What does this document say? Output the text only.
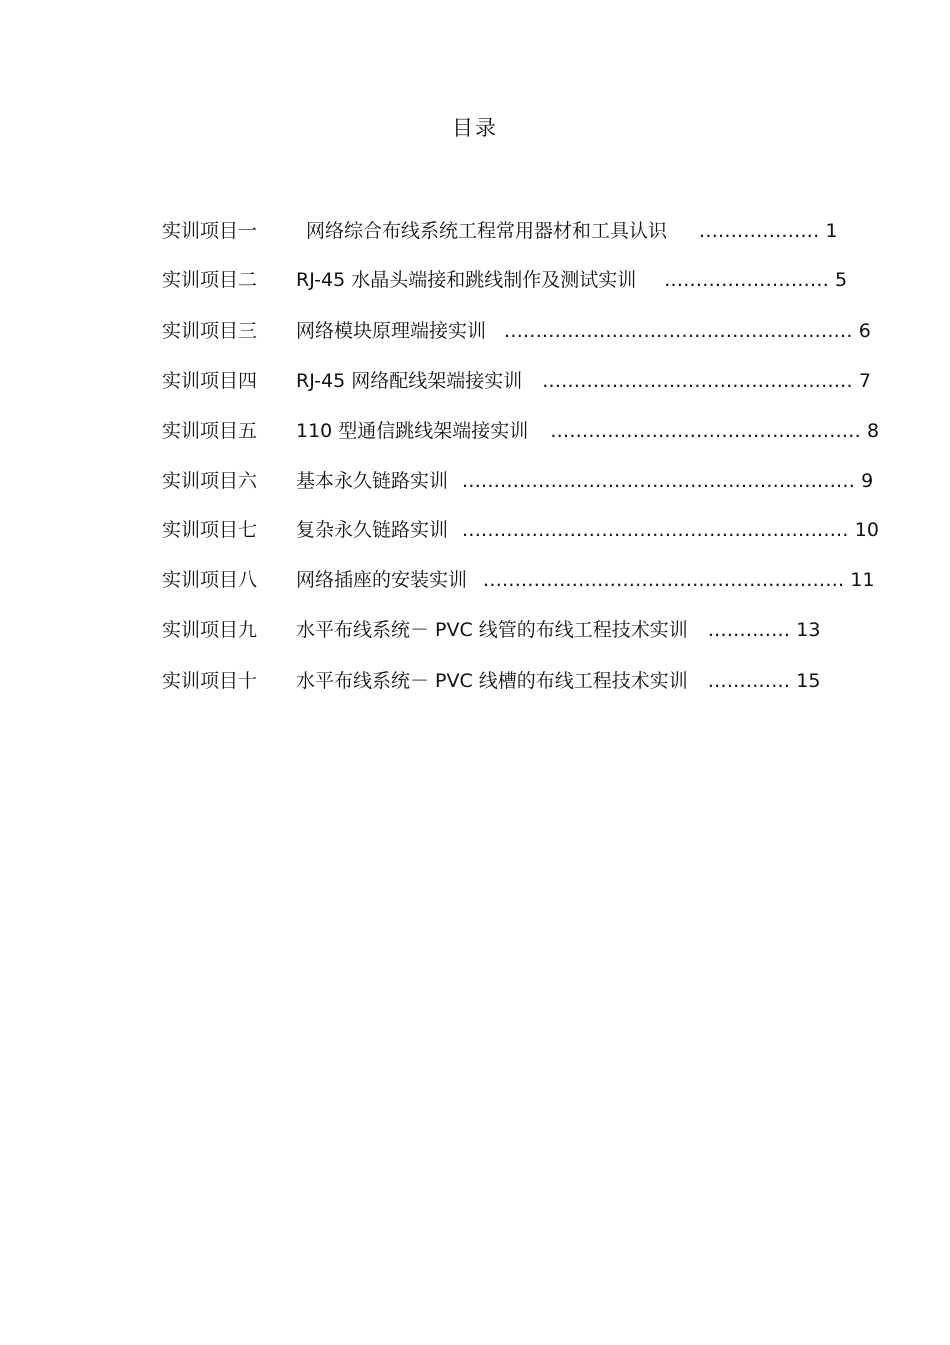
目录
实训项目一	网络综合布线系统工程常用器材和工具认识 ................... 1
实训项目二	RJ-45 水晶头端接和跳线制作及测试实训 .......................... 5
实训项目三	网络模块原理端接实训 ....................................................... 6
实训项目四	RJ-45 网络配线架端接实训 ................................................. 7
实训项目五	110 型通信跳线架端接实训 ................................................. 8
实训项目六	基本永久链路实训 .............................................................. 9
实训项目七	复杂永久链路实训 ............................................................. 10
实训项目八	网络插座的安装实训 ......................................................... 11
实训项目九	水平布线系统－ PVC 线管的布线工程技术实训 ............. 13
实训项目十	水平布线系统－ PVC 线槽的布线工程技术实训 ............. 15
